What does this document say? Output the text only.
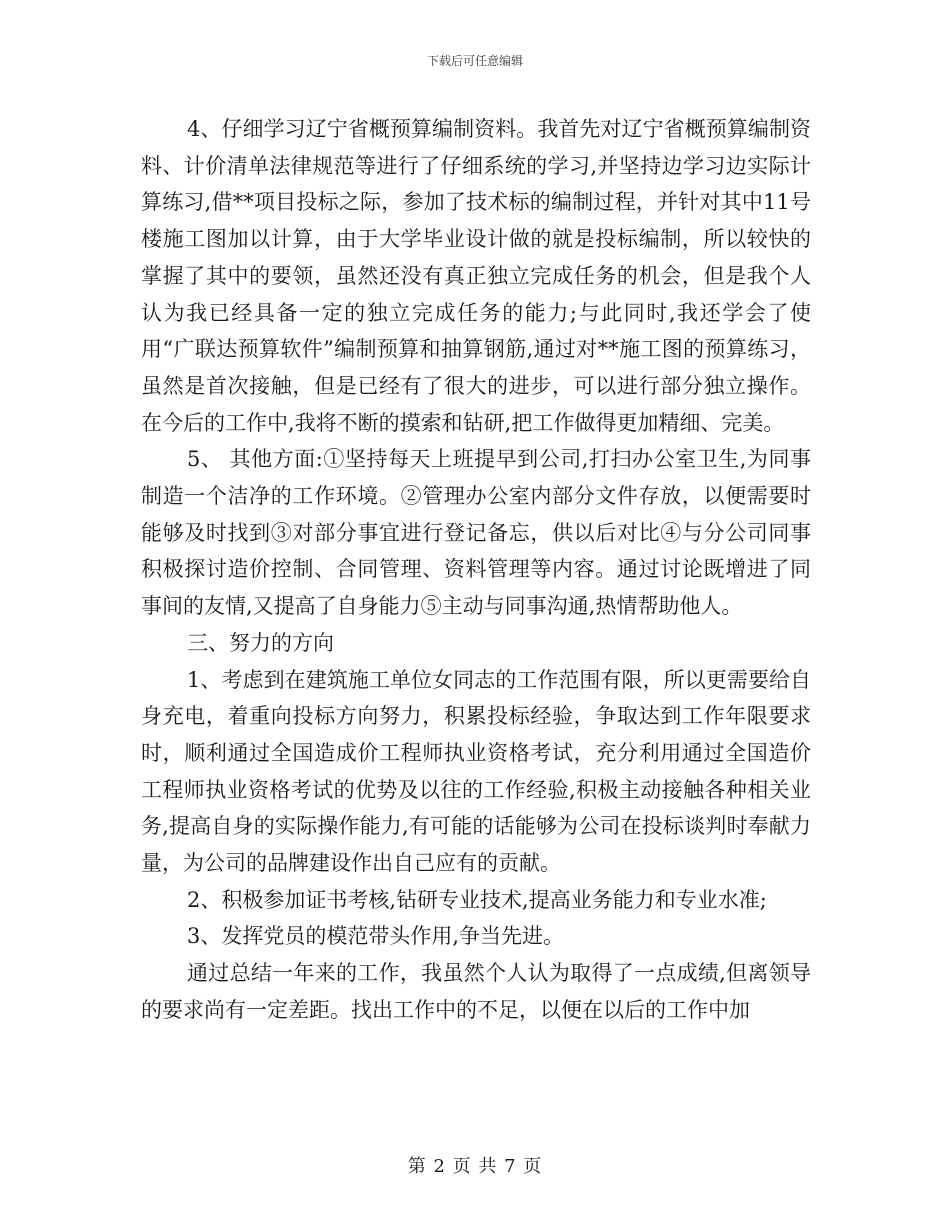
下载后可任意编辑

4、仔细学习辽宁省概预算编制资料。我首先对辽宁省概预算编制资料、计价清单法律规范等进行了仔细系统的学习,并坚持边学习边实际计算练习,借**项目投标之际，参加了技术标的编制过程，并针对其中11号楼施工图加以计算，由于大学毕业设计做的就是投标编制，所以较快的掌握了其中的要领，虽然还没有真正独立完成任务的机会，但是我个人认为我已经具备一定的独立完成任务的能力;与此同时,我还学会了使用“广联达预算软件”编制预算和抽算钢筋,通过对**施工图的预算练习，虽然是首次接触，但是已经有了很大的进步，可以进行部分独立操作。在今后的工作中,我将不断的摸索和钻研,把工作做得更加精细、完美。

5、 其他方面:①坚持每天上班提早到公司,打扫办公室卫生,为同事制造一个洁净的工作环境。②管理办公室内部分文件存放，以便需要时能够及时找到③对部分事宜进行登记备忘，供以后对比④与分公司同事积极探讨造价控制、合同管理、资料管理等内容。通过讨论既增进了同事间的友情,又提高了自身能力⑤主动与同事沟通,热情帮助他人。

三、努力的方向

1、考虑到在建筑施工单位女同志的工作范围有限，所以更需要给自身充电，着重向投标方向努力，积累投标经验，争取达到工作年限要求时，顺利通过全国造成价工程师执业资格考试，充分利用通过全国造价工程师执业资格考试的优势及以往的工作经验,积极主动接触各种相关业务,提高自身的实际操作能力,有可能的话能够为公司在投标谈判时奉献力量，为公司的品牌建设作出自己应有的贡献。

2、积极参加证书考核,钻研专业技术,提高业务能力和专业水准;

3、发挥党员的模范带头作用,争当先进。

通过总结一年来的工作，我虽然个人认为取得了一点成绩,但离领导的要求尚有一定差距。找出工作中的不足，以便在以后的工作中加

第 2 页 共 7 页
